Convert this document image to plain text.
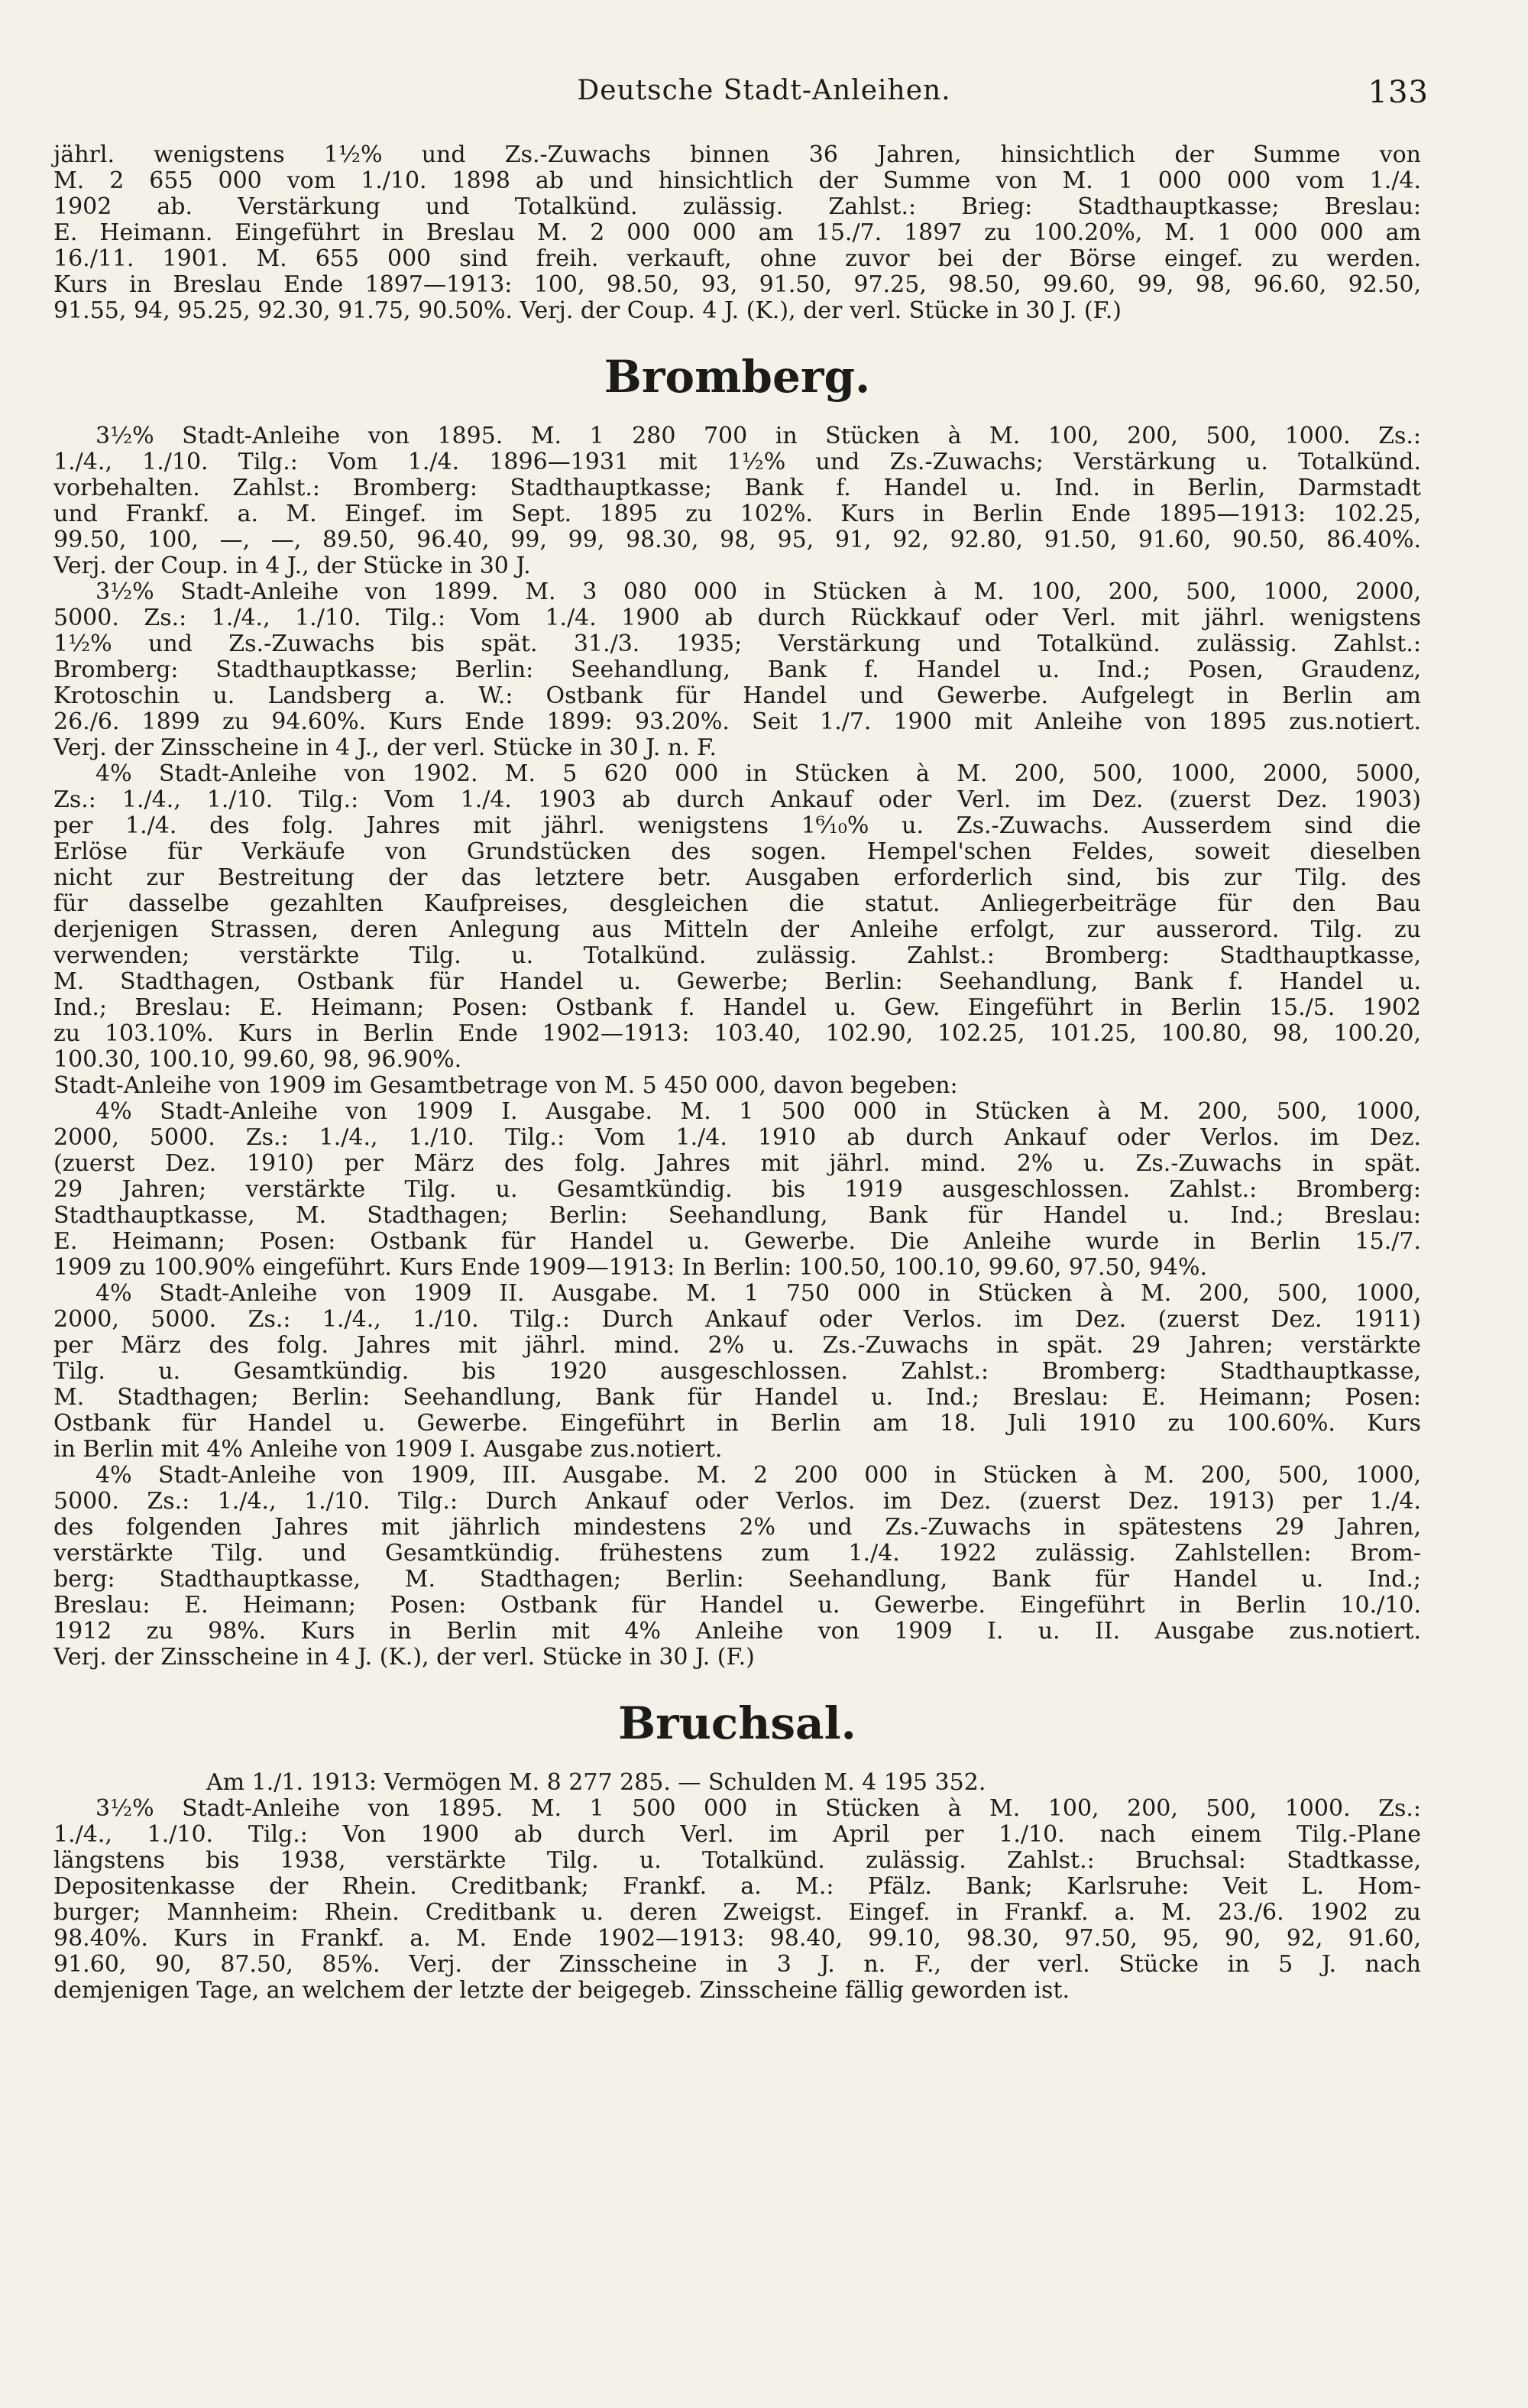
Deutsche Stadt-Anleihen.	133
jährl. wenigstens 1½% und Zs.-Zuwachs binnen 36 Jahren, hinsichtlich der Summe von
M. 2 655 000 vom 1./10. 1898 ab und hinsichtlich der Summe von M. 1 000 000 vom 1./4.
1902 ab. Verstärkung und Totalkünd. zulässig. Zahlst.: Brieg: Stadthauptkasse; Breslau:
E. Heimann. Eingeführt in Breslau M. 2 000 000 am 15./7. 1897 zu 100.20%, M. 1 000 000 am
16./11. 1901. M. 655 000 sind freih. verkauft, ohne zuvor bei der Börse eingef. zu werden.
Kurs in Breslau Ende 1897—1913: 100, 98.50, 93, 91.50, 97.25, 98.50, 99.60, 99, 98, 96.60, 92.50,
91.55, 94, 95.25, 92.30, 91.75, 90.50%. Verj. der Coup. 4 J. (K.), der verl. Stücke in 30 J. (F.)
Bromberg.
3½% Stadt-Anleihe von 1895. M. 1 280 700 in Stücken à M. 100, 200, 500, 1000. Zs.:
1./4., 1./10. Tilg.: Vom 1./4. 1896—1931 mit 1½% und Zs.-Zuwachs; Verstärkung u. Totalkünd.
vorbehalten. Zahlst.: Bromberg: Stadthauptkasse; Bank f. Handel u. Ind. in Berlin, Darmstadt
und Frankf. a. M. Eingef. im Sept. 1895 zu 102%. Kurs in Berlin Ende 1895—1913: 102.25,
99.50, 100, —, —, 89.50, 96.40, 99, 99, 98.30, 98, 95, 91, 92, 92.80, 91.50, 91.60, 90.50, 86.40%.
Verj. der Coup. in 4 J., der Stücke in 30 J.
3½% Stadt-Anleihe von 1899. M. 3 080 000 in Stücken à M. 100, 200, 500, 1000, 2000,
5000. Zs.: 1./4., 1./10. Tilg.: Vom 1./4. 1900 ab durch Rückkauf oder Verl. mit jährl. wenigstens
1½% und Zs.-Zuwachs bis spät. 31./3. 1935; Verstärkung und Totalkünd. zulässig. Zahlst.:
Bromberg: Stadthauptkasse; Berlin: Seehandlung, Bank f. Handel u. Ind.; Posen, Graudenz,
Krotoschin u. Landsberg a. W.: Ostbank für Handel und Gewerbe. Aufgelegt in Berlin am
26./6. 1899 zu 94.60%. Kurs Ende 1899: 93.20%. Seit 1./7. 1900 mit Anleihe von 1895 zus.notiert.
Verj. der Zinsscheine in 4 J., der verl. Stücke in 30 J. n. F.
4% Stadt-Anleihe von 1902. M. 5 620 000 in Stücken à M. 200, 500, 1000, 2000, 5000,
Zs.: 1./4., 1./10. Tilg.: Vom 1./4. 1903 ab durch Ankauf oder Verl. im Dez. (zuerst Dez. 1903)
per 1./4. des folg. Jahres mit jährl. wenigstens 1⁶⁄₁₀% u. Zs.-Zuwachs. Ausserdem sind die
Erlöse für Verkäufe von Grundstücken des sogen. Hempel'schen Feldes, soweit dieselben
nicht zur Bestreitung der das letztere betr. Ausgaben erforderlich sind, bis zur Tilg. des
für dasselbe gezahlten Kaufpreises, desgleichen die statut. Anliegerbeiträge für den Bau
derjenigen Strassen, deren Anlegung aus Mitteln der Anleihe erfolgt, zur ausserord. Tilg. zu
verwenden; verstärkte Tilg. u. Totalkünd. zulässig. Zahlst.: Bromberg: Stadthauptkasse,
M. Stadthagen, Ostbank für Handel u. Gewerbe; Berlin: Seehandlung, Bank f. Handel u.
Ind.; Breslau: E. Heimann; Posen: Ostbank f. Handel u. Gew. Eingeführt in Berlin 15./5. 1902
zu 103.10%. Kurs in Berlin Ende 1902—1913: 103.40, 102.90, 102.25, 101.25, 100.80, 98, 100.20,
100.30, 100.10, 99.60, 98, 96.90%.
Stadt-Anleihe von 1909 im Gesamtbetrage von M. 5 450 000, davon begeben:
4% Stadt-Anleihe von 1909 I. Ausgabe. M. 1 500 000 in Stücken à M. 200, 500, 1000,
2000, 5000. Zs.: 1./4., 1./10. Tilg.: Vom 1./4. 1910 ab durch Ankauf oder Verlos. im Dez.
(zuerst Dez. 1910) per März des folg. Jahres mit jährl. mind. 2% u. Zs.-Zuwachs in spät.
29 Jahren; verstärkte Tilg. u. Gesamtkündig. bis 1919 ausgeschlossen. Zahlst.: Bromberg:
Stadthauptkasse, M. Stadthagen; Berlin: Seehandlung, Bank für Handel u. Ind.; Breslau:
E. Heimann; Posen: Ostbank für Handel u. Gewerbe. Die Anleihe wurde in Berlin 15./7.
1909 zu 100.90% eingeführt. Kurs Ende 1909—1913: In Berlin: 100.50, 100.10, 99.60, 97.50, 94%.
4% Stadt-Anleihe von 1909 II. Ausgabe. M. 1 750 000 in Stücken à M. 200, 500, 1000,
2000, 5000. Zs.: 1./4., 1./10. Tilg.: Durch Ankauf oder Verlos. im Dez. (zuerst Dez. 1911)
per März des folg. Jahres mit jährl. mind. 2% u. Zs.-Zuwachs in spät. 29 Jahren; verstärkte
Tilg. u. Gesamtkündig. bis 1920 ausgeschlossen. Zahlst.: Bromberg: Stadthauptkasse,
M. Stadthagen; Berlin: Seehandlung, Bank für Handel u. Ind.; Breslau: E. Heimann; Posen:
Ostbank für Handel u. Gewerbe. Eingeführt in Berlin am 18. Juli 1910 zu 100.60%. Kurs
in Berlin mit 4% Anleihe von 1909 I. Ausgabe zus.notiert.
4% Stadt-Anleihe von 1909, III. Ausgabe. M. 2 200 000 in Stücken à M. 200, 500, 1000,
5000. Zs.: 1./4., 1./10. Tilg.: Durch Ankauf oder Verlos. im Dez. (zuerst Dez. 1913) per 1./4.
des folgenden Jahres mit jährlich mindestens 2% und Zs.-Zuwachs in spätestens 29 Jahren,
verstärkte Tilg. und Gesamtkündig. frühestens zum 1./4. 1922 zulässig. Zahlstellen: Brom-
berg: Stadthauptkasse, M. Stadthagen; Berlin: Seehandlung, Bank für Handel u. Ind.;
Breslau: E. Heimann; Posen: Ostbank für Handel u. Gewerbe. Eingeführt in Berlin 10./10.
1912 zu 98%. Kurs in Berlin mit 4% Anleihe von 1909 I. u. II. Ausgabe zus.notiert.
Verj. der Zinsscheine in 4 J. (K.), der verl. Stücke in 30 J. (F.)
Bruchsal.
Am 1./1. 1913: Vermögen M. 8 277 285. — Schulden M. 4 195 352.
3½% Stadt-Anleihe von 1895. M. 1 500 000 in Stücken à M. 100, 200, 500, 1000. Zs.:
1./4., 1./10. Tilg.: Von 1900 ab durch Verl. im April per 1./10. nach einem Tilg.-Plane
längstens bis 1938, verstärkte Tilg. u. Totalkünd. zulässig. Zahlst.: Bruchsal: Stadtkasse,
Depositenkasse der Rhein. Creditbank; Frankf. a. M.: Pfälz. Bank; Karlsruhe: Veit L. Hom-
burger; Mannheim: Rhein. Creditbank u. deren Zweigst. Eingef. in Frankf. a. M. 23./6. 1902 zu
98.40%. Kurs in Frankf. a. M. Ende 1902—1913: 98.40, 99.10, 98.30, 97.50, 95, 90, 92, 91.60,
91.60, 90, 87.50, 85%. Verj. der Zinsscheine in 3 J. n. F., der verl. Stücke in 5 J. nach
demjenigen Tage, an welchem der letzte der beigegeb. Zinsscheine fällig geworden ist.
